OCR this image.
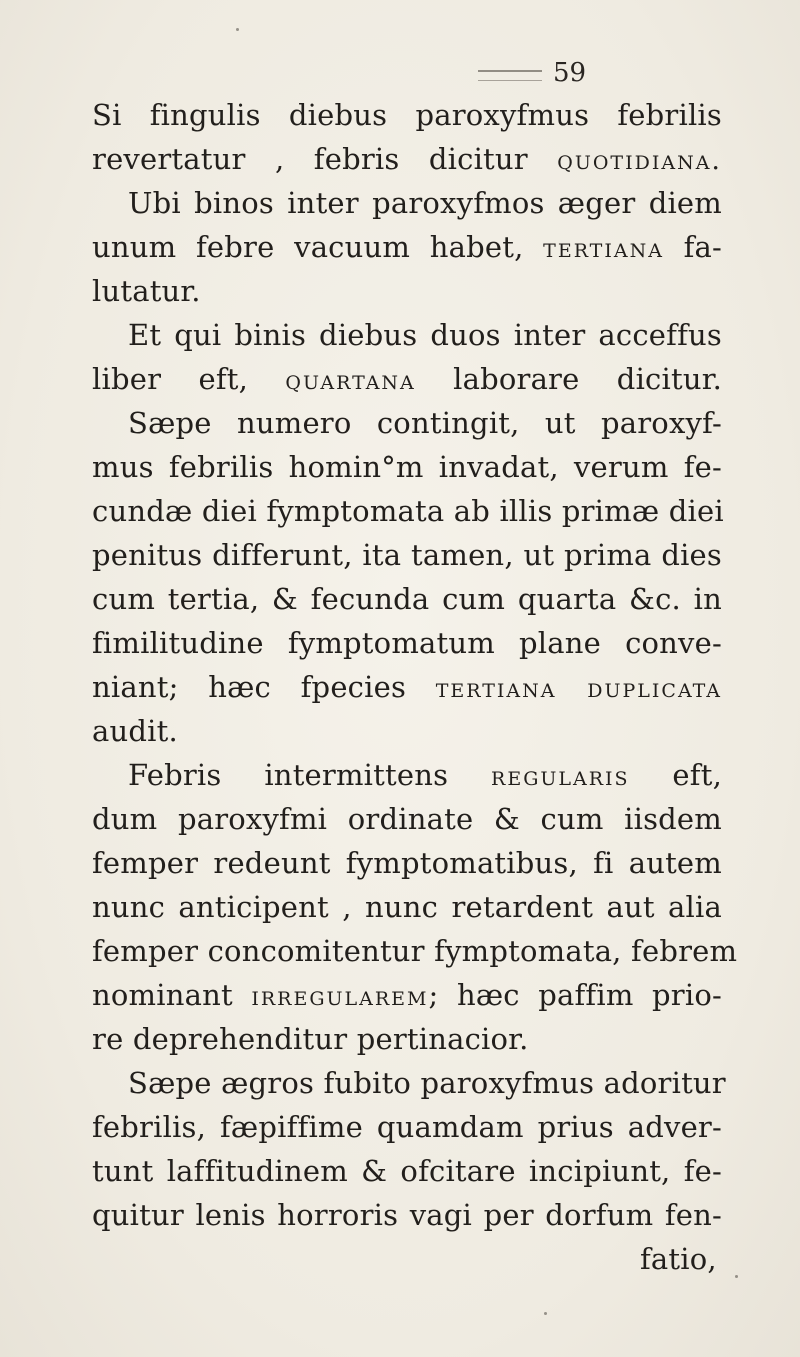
59
Si fingulis diebus paroxyfmus febrilis
revertatur , febris dicitur quotidiana.
Ubi binos inter paroxyfmos æger diem
unum febre vacuum habet, tertiana fa-
lutatur.
Et qui binis diebus duos inter acceffus
liber eft, quartana laborare dicitur.
Sæpe numero contingit, ut paroxyf-
mus febrilis homin°m invadat, verum fe-
cundæ diei fymptomata ab illis primæ diei
penitus differunt, ita tamen, ut prima dies
cum tertia, & fecunda cum quarta &c. in
fimilitudine fymptomatum plane conve-
niant; hæc fpecies tertiana duplicata
audit.
Febris intermittens regularis eft,
dum paroxyfmi ordinate & cum iisdem
femper redeunt fymptomatibus, fi autem
nunc anticipent , nunc retardent aut alia
femper concomitentur fymptomata, febrem
nominant irregularem; hæc paffim prio-
re deprehenditur pertinacior.
Sæpe ægros fubito paroxyfmus adoritur
febrilis, fæpiffime quamdam prius adver-
tunt laffitudinem & ofcitare incipiunt, fe-
quitur lenis horroris vagi per dorfum fen-
fatio,
